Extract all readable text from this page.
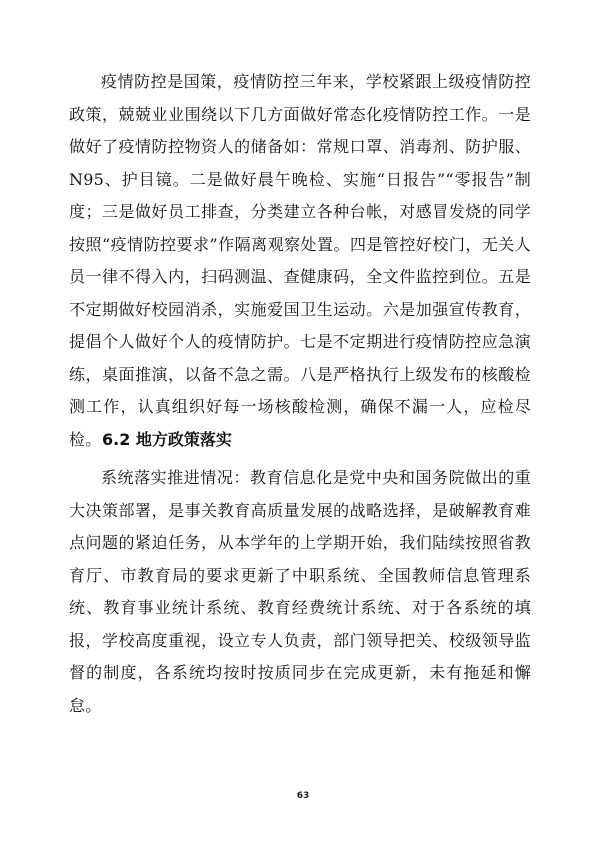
疫情防控是国策，疫情防控三年来，学校紧跟上级疫情防控政策，兢兢业业围绕以下几方面做好常态化疫情防控工作。一是做好了疫情防控物资人的储备如：常规口罩、消毒剂、防护服、N95、护目镜。二是做好晨午晚检、实施“日报告”“零报告”制度；三是做好员工排查，分类建立各种台帐，对感冒发烧的同学按照“疫情防控要求”作隔离观察处置。四是管控好校门，无关人员一律不得入内，扫码测温、查健康码，全文件监控到位。五是不定期做好校园消杀，实施爱国卫生运动。六是加强宣传教育，提倡个人做好个人的疫情防护。七是不定期进行疫情防控应急演练，桌面推演，以备不急之需。八是严格执行上级发布的核酸检测工作，认真组织好每一场核酸检测，确保不漏一人，应检尽检。 6.2 地方政策落实

系统落实推进情况：教育信息化是党中央和国务院做出的重大决策部署，是事关教育高质量发展的战略选择，是破解教育难点问题的紧迫任务，从本学年的上学期开始，我们陆续按照省教育厅、市教育局的要求更新了中职系统、全国教师信息管理系统、教育事业统计系统、教育经费统计系统、对于各系统的填报，学校高度重视，设立专人负责，部门领导把关、校级领导监督的制度，各系统均按时按质同步在完成更新，未有拖延和懈怠。

63
